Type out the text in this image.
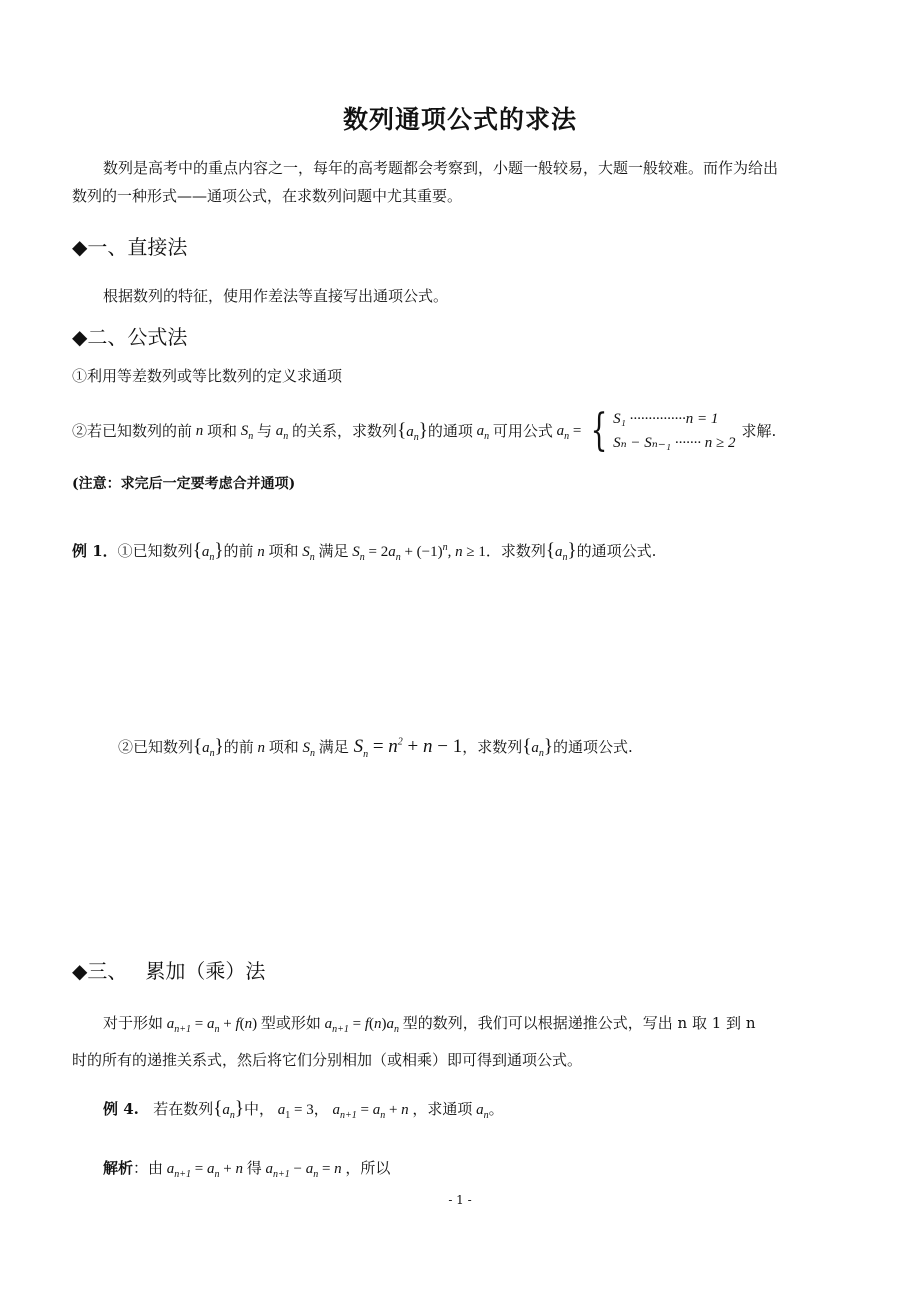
数列通项公式的求法
数列是高考中的重点内容之一，每年的高考题都会考察到，小题一般较易，大题一般较难。而作为给出
数列的一种形式——通项公式，在求数列问题中尤其重要。
◆一、直接法
根据数列的特征，使用作差法等直接写出通项公式。
◆二、公式法
①利用等差数列或等比数列的定义求通项
②若已知数列的前 n 项和 $S_n$ 与 $a_n$ 的关系，求数列 $\{a_n\}$ 的通项 $a_n$ 可用公式 $a_n$ = { S₁ ···············n = 1
Sₙ − Sₙ₋₁ ······· n ≥ 2
求解.
(注意：求完后一定要考虑合并通项)
例 1．①已知数列$\{a_n\}$的前 n 项和 $S_n$ 满足 $S_n = 2a_n + (-1)^n$, n ≥ 1．求数列$\{a_n\}$的通项公式.
②已知数列$\{a_n\}$的前 n 项和 $S_n$ 满足 $S_n = n^2 + n - 1$，求数列$\{a_n\}$的通项公式.
◆三、 累加（乘）法
对于形如 $a_{n+1} = a_n + f(n)$ 型或形如 $a_{n+1} = f(n)a_n$ 型的数列，我们可以根据递推公式，写出 n 取 1 到 n
时的所有的递推关系式，然后将它们分别相加（或相乘）即可得到通项公式。
例 4. 若在数列$\{a_n\}$中， $a_1 = 3$， $a_{n+1} = a_n + n$ ，求通项 $a_n$。
解析：由 $a_{n+1} = a_n + n$ 得 $a_{n+1} - a_n = n$ ，所以
- 1 -
